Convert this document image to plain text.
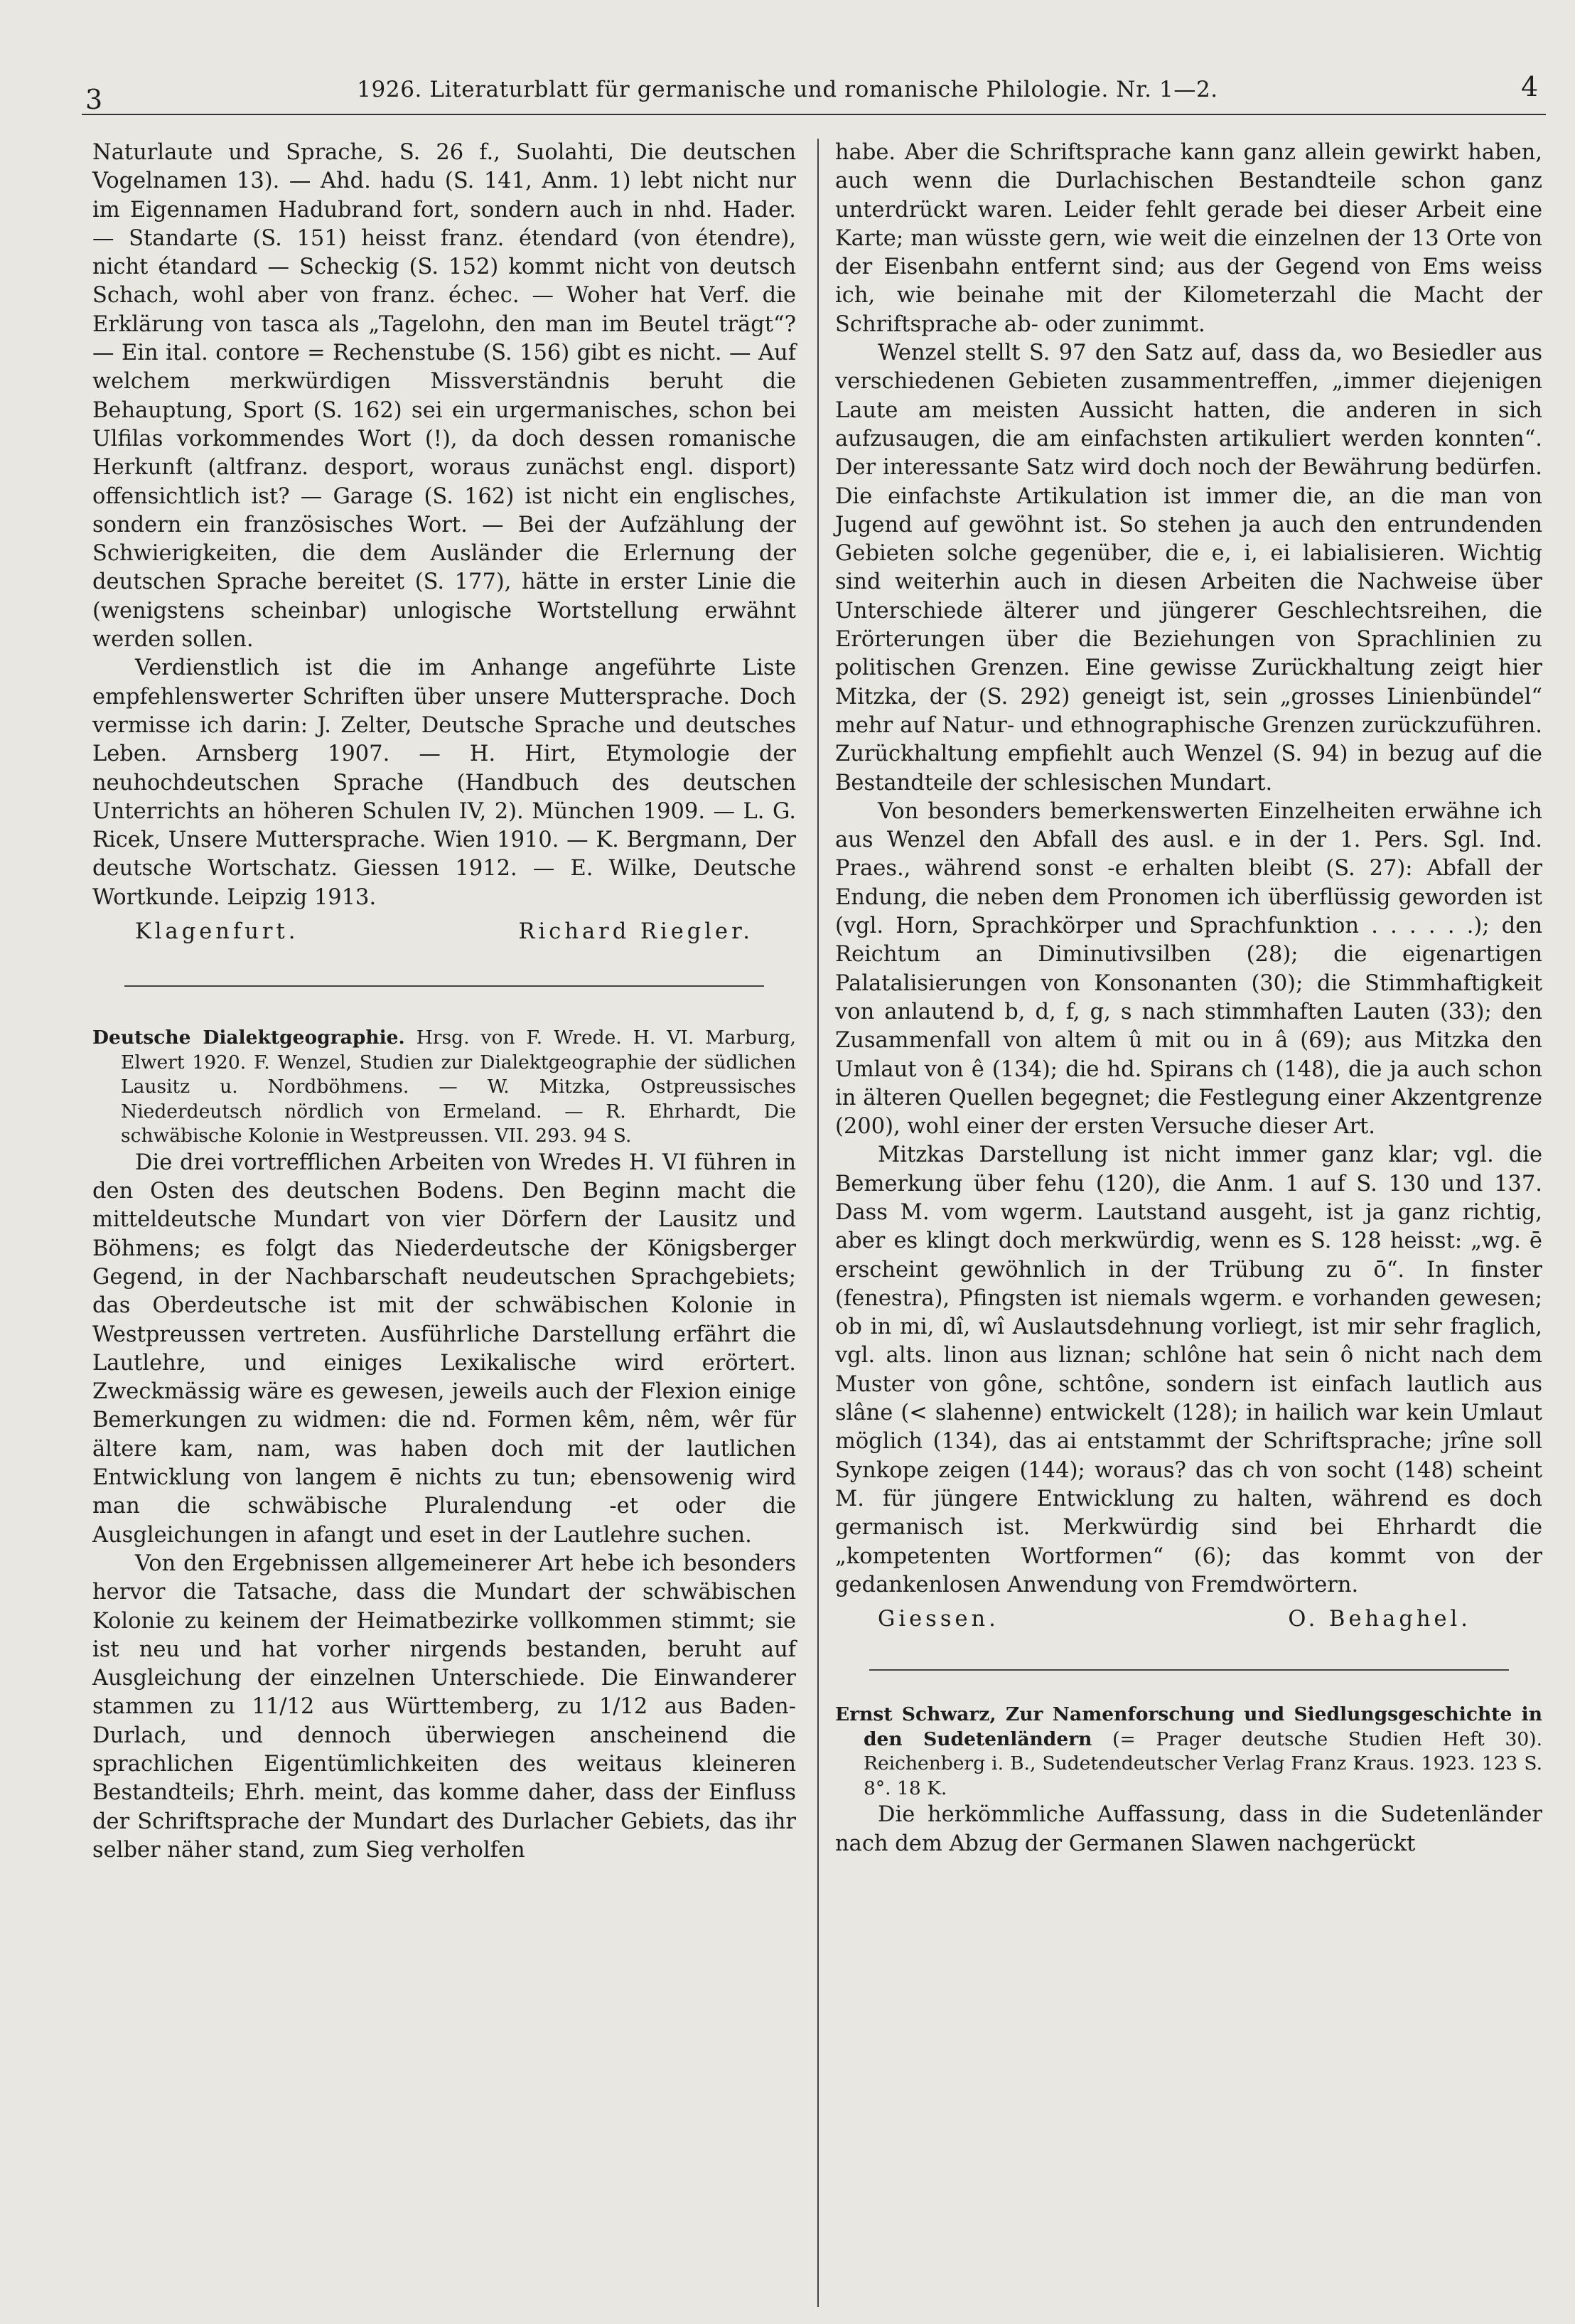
3	1926. Literaturblatt für germanische und romanische Philologie. Nr. 1—2.	4

Naturlaute und Sprache, S. 26 f., Suolahti, Die deutschen Vogelnamen 13). — Ahd. hadu (S. 141, Anm. 1) lebt nicht nur im Eigennamen Hadubrand fort, sondern auch in nhd. Hader. — Standarte (S. 151) heisst franz. étendard (von étendre), nicht étandard — Scheckig (S. 152) kommt nicht von deutsch Schach, wohl aber von franz. échec. — Woher hat Verf. die Erklärung von tasca als „Tagelohn, den man im Beutel trägt“? — Ein ital. contore = Rechenstube (S. 156) gibt es nicht. — Auf welchem merkwürdigen Missverständnis beruht die Behauptung, Sport (S. 162) sei ein urgermanisches, schon bei Ulfilas vorkommendes Wort (!), da doch dessen romanische Herkunft (altfranz. desport, woraus zunächst engl. disport) offensichtlich ist? — Garage (S. 162) ist nicht ein englisches, sondern ein französisches Wort. — Bei der Aufzählung der Schwierigkeiten, die dem Ausländer die Erlernung der deutschen Sprache bereitet (S. 177), hätte in erster Linie die (wenigstens scheinbar) unlogische Wortstellung erwähnt werden sollen.

Verdienstlich ist die im Anhange angeführte Liste empfehlenswerter Schriften über unsere Muttersprache. Doch vermisse ich darin: J. Zelter, Deutsche Sprache und deutsches Leben. Arnsberg 1907. — H. Hirt, Etymologie der neuhochdeutschen Sprache (Handbuch des deutschen Unterrichts an höheren Schulen IV, 2). München 1909. — L. G. Ricek, Unsere Muttersprache. Wien 1910. — K. Bergmann, Der deutsche Wortschatz. Giessen 1912. — E. Wilke, Deutsche Wortkunde. Leipzig 1913.

Klagenfurt.	Richard Riegler.

Deutsche Dialektgeographie. Hrsg. von F. Wrede. H. VI. Marburg, Elwert 1920. F. Wenzel, Studien zur Dialektgeographie der südlichen Lausitz u. Nordböhmens. — W. Mitzka, Ostpreussisches Niederdeutsch nördlich von Ermeland. — R. Ehrhardt, Die schwäbische Kolonie in Westpreussen. VII. 293. 94 S.

Die drei vortrefflichen Arbeiten von Wredes H. VI führen in den Osten des deutschen Bodens. Den Beginn macht die mitteldeutsche Mundart von vier Dörfern der Lausitz und Böhmens; es folgt das Niederdeutsche der Königsberger Gegend, in der Nachbarschaft neudeutschen Sprachgebiets; das Oberdeutsche ist mit der schwäbischen Kolonie in Westpreussen vertreten. Ausführliche Darstellung erfährt die Lautlehre, und einiges Lexikalische wird erörtert. Zweckmässig wäre es gewesen, jeweils auch der Flexion einige Bemerkungen zu widmen: die nd. Formen kêm, nêm, wêr für ältere kam, nam, was haben doch mit der lautlichen Entwicklung von langem ē nichts zu tun; ebensowenig wird man die schwäbische Pluralendung -et oder die Ausgleichungen in afangt und eset in der Lautlehre suchen.

Von den Ergebnissen allgemeinerer Art hebe ich besonders hervor die Tatsache, dass die Mundart der schwäbischen Kolonie zu keinem der Heimatbezirke vollkommen stimmt; sie ist neu und hat vorher nirgends bestanden, beruht auf Ausgleichung der einzelnen Unterschiede. Die Einwanderer stammen zu 11/12 aus Württemberg, zu 1/12 aus Baden-Durlach, und dennoch überwiegen anscheinend die sprachlichen Eigentümlichkeiten des weitaus kleineren Bestandteils; Ehrh. meint, das komme daher, dass der Einfluss der Schriftsprache der Mundart des Durlacher Gebiets, das ihr selber näher stand, zum Sieg verholfen

habe. Aber die Schriftsprache kann ganz allein gewirkt haben, auch wenn die Durlachischen Bestandteile schon ganz unterdrückt waren. Leider fehlt gerade bei dieser Arbeit eine Karte; man wüsste gern, wie weit die einzelnen der 13 Orte von der Eisenbahn entfernt sind; aus der Gegend von Ems weiss ich, wie beinahe mit der Kilometerzahl die Macht der Schriftsprache ab- oder zunimmt.

Wenzel stellt S. 97 den Satz auf, dass da, wo Besiedler aus verschiedenen Gebieten zusammentreffen, „immer diejenigen Laute am meisten Aussicht hatten, die anderen in sich aufzusaugen, die am einfachsten artikuliert werden konnten“. Der interessante Satz wird doch noch der Bewährung bedürfen. Die einfachste Artikulation ist immer die, an die man von Jugend auf gewöhnt ist. So stehen ja auch den entrundenden Gebieten solche gegenüber, die e, i, ei labialisieren. Wichtig sind weiterhin auch in diesen Arbeiten die Nachweise über Unterschiede älterer und jüngerer Geschlechtsreihen, die Erörterungen über die Beziehungen von Sprachlinien zu politischen Grenzen. Eine gewisse Zurückhaltung zeigt hier Mitzka, der (S. 292) geneigt ist, sein „grosses Linienbündel“ mehr auf Natur- und ethnographische Grenzen zurückzuführen. Zurückhaltung empfiehlt auch Wenzel (S. 94) in bezug auf die Bestandteile der schlesischen Mundart.

Von besonders bemerkenswerten Einzelheiten erwähne ich aus Wenzel den Abfall des ausl. e in der 1. Pers. Sgl. Ind. Praes., während sonst -e erhalten bleibt (S. 27): Abfall der Endung, die neben dem Pronomen ich überflüssig geworden ist (vgl. Horn, Sprachkörper und Sprachfunktion . . . . . .); den Reichtum an Diminutivsilben (28); die eigenartigen Palatalisierungen von Konsonanten (30); die Stimmhaftigkeit von anlautend b, d, f, g, s nach stimmhaften Lauten (33); den Zusammenfall von altem û mit ou in â (69); aus Mitzka den Umlaut von ê (134); die hd. Spirans ch (148), die ja auch schon in älteren Quellen begegnet; die Festlegung einer Akzentgrenze (200), wohl einer der ersten Versuche dieser Art.

Mitzkas Darstellung ist nicht immer ganz klar; vgl. die Bemerkung über fehu (120), die Anm. 1 auf S. 130 und 137. Dass M. vom wgerm. Lautstand ausgeht, ist ja ganz richtig, aber es klingt doch merkwürdig, wenn es S. 128 heisst: „wg. ē erscheint gewöhnlich in der Trübung zu ō“. In finster (fenestra), Pfingsten ist niemals wgerm. e vorhanden gewesen; ob in mi, dî, wî Auslautsdehnung vorliegt, ist mir sehr fraglich, vgl. alts. linon aus liznan; schlône hat sein ô nicht nach dem Muster von gône, schtône, sondern ist einfach lautlich aus slâne (< slahenne) entwickelt (128); in hailich war kein Umlaut möglich (134), das ai entstammt der Schriftsprache; jrîne soll Synkope zeigen (144); woraus? das ch von socht (148) scheint M. für jüngere Entwicklung zu halten, während es doch germanisch ist. Merkwürdig sind bei Ehrhardt die „kompetenten Wortformen“ (6); das kommt von der gedankenlosen Anwendung von Fremdwörtern.

Giessen.	O. Behaghel.

Ernst Schwarz, Zur Namenforschung und Siedlungsgeschichte in den Sudetenländern (= Prager deutsche Studien Heft 30). Reichenberg i. B., Sudetendeutscher Verlag Franz Kraus. 1923. 123 S. 8°. 18 K.

Die herkömmliche Auffassung, dass in die Sudetenländer nach dem Abzug der Germanen Slawen nachgerückt
